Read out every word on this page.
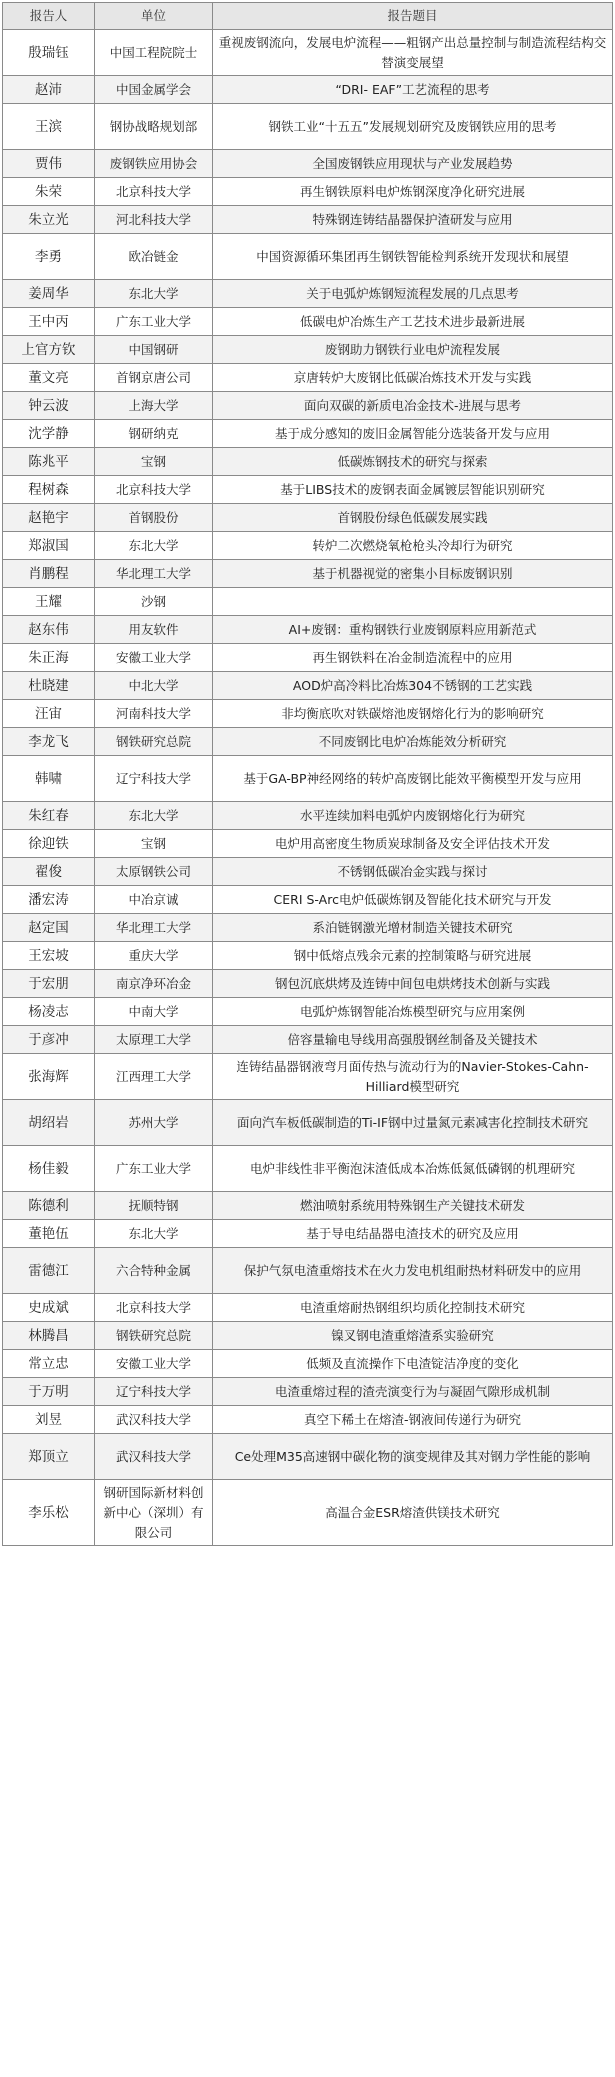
报告人	单位	报告题目
殷瑞钰	中国工程院院士	重视废钢流向，发展电炉流程——粗钢产出总量控制与制造流程结构交替演变展望
赵沛	中国金属学会	“DRI- EAF”工艺流程的思考
王滨	钢协战略规划部	钢铁工业“十五五”发展规划研究及废钢铁应用的思考
贾伟	废钢铁应用协会	全国废钢铁应用现状与产业发展趋势
朱荣	北京科技大学	再生钢铁原料电炉炼钢深度净化研究进展
朱立光	河北科技大学	特殊钢连铸结晶器保护渣研发与应用
李勇	欧冶链金	中国资源循环集团再生钢铁智能检判系统开发现状和展望
姜周华	东北大学	关于电弧炉炼钢短流程发展的几点思考
王中丙	广东工业大学	低碳电炉冶炼生产工艺技术进步最新进展
上官方钦	中国钢研	废钢助力钢铁行业电炉流程发展
董文亮	首钢京唐公司	京唐转炉大废钢比低碳冶炼技术开发与实践
钟云波	上海大学	面向双碳的新质电冶金技术-进展与思考
沈学静	钢研纳克	基于成分感知的废旧金属智能分选装备开发与应用
陈兆平	宝钢	低碳炼钢技术的研究与探索
程树森	北京科技大学	基于LIBS技术的废钢表面金属镀层智能识别研究
赵艳宇	首钢股份	首钢股份绿色低碳发展实践
郑淑国	东北大学	转炉二次燃烧氧枪枪头冷却行为研究
肖鹏程	华北理工大学	基于机器视觉的密集小目标废钢识别
王耀	沙钢	
赵东伟	用友软件	AI+废钢：重构钢铁行业废钢原料应用新范式
朱正海	安徽工业大学	再生钢铁料在冶金制造流程中的应用
杜晓建	中北大学	AOD炉高冷料比冶炼304不锈钢的工艺实践
汪宙	河南科技大学	非均衡底吹对铁碳熔池废钢熔化行为的影响研究
李龙飞	钢铁研究总院	不同废钢比电炉冶炼能效分析研究
韩啸	辽宁科技大学	基于GA-BP神经网络的转炉高废钢比能效平衡模型开发与应用
朱红春	东北大学	水平连续加料电弧炉内废钢熔化行为研究
徐迎铁	宝钢	电炉用高密度生物质炭球制备及安全评估技术开发
翟俊	太原钢铁公司	不锈钢低碳冶金实践与探讨
潘宏涛	中冶京诚	CERI S-Arc电炉低碳炼钢及智能化技术研究与开发
赵定国	华北理工大学	系泊链钢激光增材制造关键技术研究
王宏坡	重庆大学	钢中低熔点残余元素的控制策略与研究进展
于宏朋	南京净环冶金	钢包沉底烘烤及连铸中间包电烘烤技术创新与实践
杨凌志	中南大学	电弧炉炼钢智能冶炼模型研究与应用案例
于彦冲	太原理工大学	倍容量输电导线用高强殷钢丝制备及关键技术
张海辉	江西理工大学	连铸结晶器钢液弯月面传热与流动行为的Navier-Stokes-Cahn-Hilliard模型研究
胡绍岩	苏州大学	面向汽车板低碳制造的Ti-IF钢中过量氮元素减害化控制技术研究
杨佳毅	广东工业大学	电炉非线性非平衡泡沫渣低成本冶炼低氮低磷钢的机理研究
陈德利	抚顺特钢	燃油喷射系统用特殊钢生产关键技术研发
董艳伍	东北大学	基于导电结晶器电渣技术的研究及应用
雷德江	六合特种金属	保护气氛电渣重熔技术在火力发电机组耐热材料研发中的应用
史成斌	北京科技大学	电渣重熔耐热钢组织均质化控制技术研究
林腾昌	钢铁研究总院	镍叉钢电渣重熔渣系实验研究
常立忠	安徽工业大学	低频及直流操作下电渣锭洁净度的变化
于万明	辽宁科技大学	电渣重熔过程的渣壳演变行为与凝固气隙形成机制
刘昱	武汉科技大学	真空下稀土在熔渣-钢液间传递行为研究
郑顶立	武汉科技大学	Ce处理M35高速钢中碳化物的演变规律及其对钢力学性能的影响
李乐松	钢研国际新材料创新中心（深圳）有限公司	高温合金ESR熔渣供镁技术研究
